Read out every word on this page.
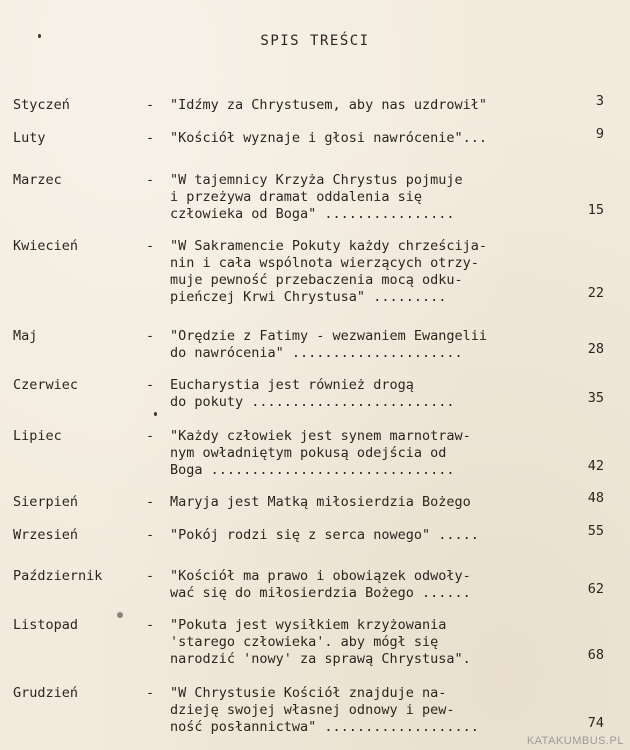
SPIS TREŚCI
Styczeń	- "Idźmy za Chrystusem, aby nas uzdrowił"	3
Luty	- "Kościół wyznaje i głosi nawrócenie"...	9
Marzec	- "W tajemnicy Krzyża Chrystus pojmuje
i przeżywa dramat oddalenia się
człowieka od Boga" ................	15
Kwiecień	- "W Sakramencie Pokuty każdy chrześcija-
nin i cała wspólnota wierzących otrzy-
muje pewność przebaczenia mocą odku-
pieńczej Krwi Chrystusa" .........	22
Maj	- "Orędzie z Fatimy - wezwaniem Ewangelii
do nawrócenia" .....................	28
Czerwiec	- Eucharystia jest również drogą
do pokuty .........................	35
Lipiec	- "Każdy człowiek jest synem marnotraw-
nym owładniętym pokusą odejścia od
Boga ..............................	42
Sierpień	- Maryja jest Matką miłosierdzia Bożego	48
Wrzesień	- "Pokój rodzi się z serca nowego" .....	55
Październik	- "Kościół ma prawo i obowiązek odwoły-
wać się do miłosierdzia Bożego ......	62
Listopad	- "Pokuta jest wysiłkiem krzyżowania
'starego człowieka'. aby mógł się
narodzić 'nowy' za sprawą Chrystusa".	68
Grudzień	- "W Chrystusie Kościół znajduje na-
dzieję swojej własnej odnowy i pew-
ność posłannictwa" ...................	74
KATAKUMBUS.PL
